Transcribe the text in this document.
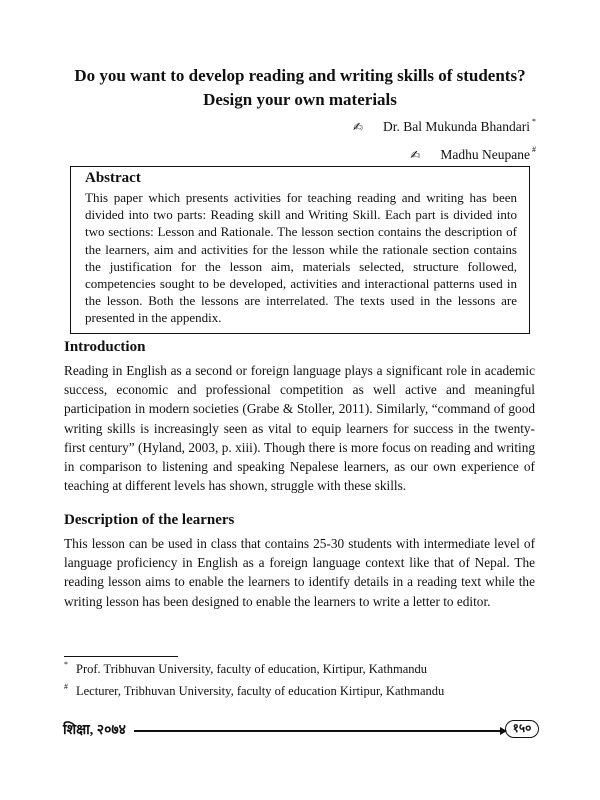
Do you want to develop reading and writing skills of students?
Design your own materials
✍ Dr. Bal Mukunda Bhandari *
✍ Madhu Neupane #
Abstract

This paper which presents activities for teaching reading and writing has been divided into two parts: Reading skill and Writing Skill. Each part is divided into two sections: Lesson and Rationale. The lesson section contains the description of the learners, aim and activities for the lesson while the rationale section contains the justification for the lesson aim, materials selected, structure followed, competencies sought to be developed, activities and interactional patterns used in the lesson. Both the lessons are interrelated. The texts used in the lessons are presented in the appendix.

Introduction

Reading in English as a second or foreign language plays a significant role in academic success, economic and professional competition as well active and meaningful participation in modern societies (Grabe & Stoller, 2011). Similarly, “command of good writing skills is increasingly seen as vital to equip learners for success in the twenty-first century” (Hyland, 2003, p. xiii). Though there is more focus on reading and writing in comparison to listening and speaking Nepalese learners, as our own experience of teaching at different levels has shown, struggle with these skills.

Description of the learners

This lesson can be used in class that contains 25-30 students with intermediate level of language proficiency in English as a foreign language context like that of Nepal. The reading lesson aims to enable the learners to identify details in a reading text while the writing lesson has been designed to enable the learners to write a letter to editor.

* Prof. Tribhuvan University, faculty of education, Kirtipur, Kathmandu
# Lecturer, Tribhuvan University, faculty of education Kirtipur, Kathmandu
शिक्षा, २०७४	१५०
